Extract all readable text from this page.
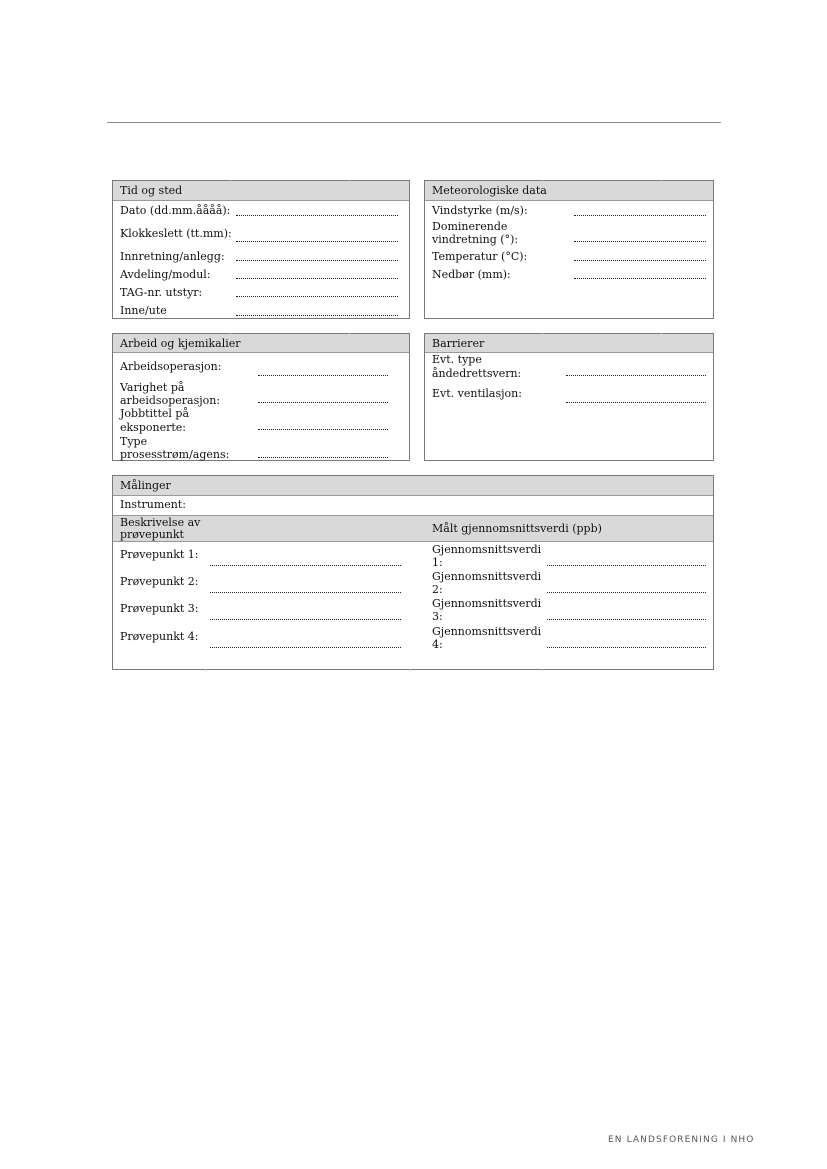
Tid og sted
Dato (dd.mm.åååå):
Klokkeslett (tt.mm):
Innretning/anlegg:
Avdeling/modul:
TAG-nr. utstyr:
Inne/ute
Meteorologiske data
Vindstyrke (m/s):
Dominerende
vindretning (°):
Temperatur (°C):
Nedbør (mm):
Arbeid og kjemikalier
Arbeidsoperasjon:
Varighet på
arbeidsoperasjon:
Jobbtittel på
eksponerte:
Type
prosesstrøm/agens:
Barrierer
Evt. type
åndedrettsvern:
Evt. ventilasjon:
Målinger
Instrument:
Beskrivelse av
prøvepunkt	Målt gjennomsnittsverdi (ppb)
Prøvepunkt 1:	Gjennomsnittsverdi
1:
Prøvepunkt 2:	Gjennomsnittsverdi
2:
Prøvepunkt 3:	Gjennomsnittsverdi
3:
Prøvepunkt 4:	Gjennomsnittsverdi
4:
EN LANDSFORENING I NHO
